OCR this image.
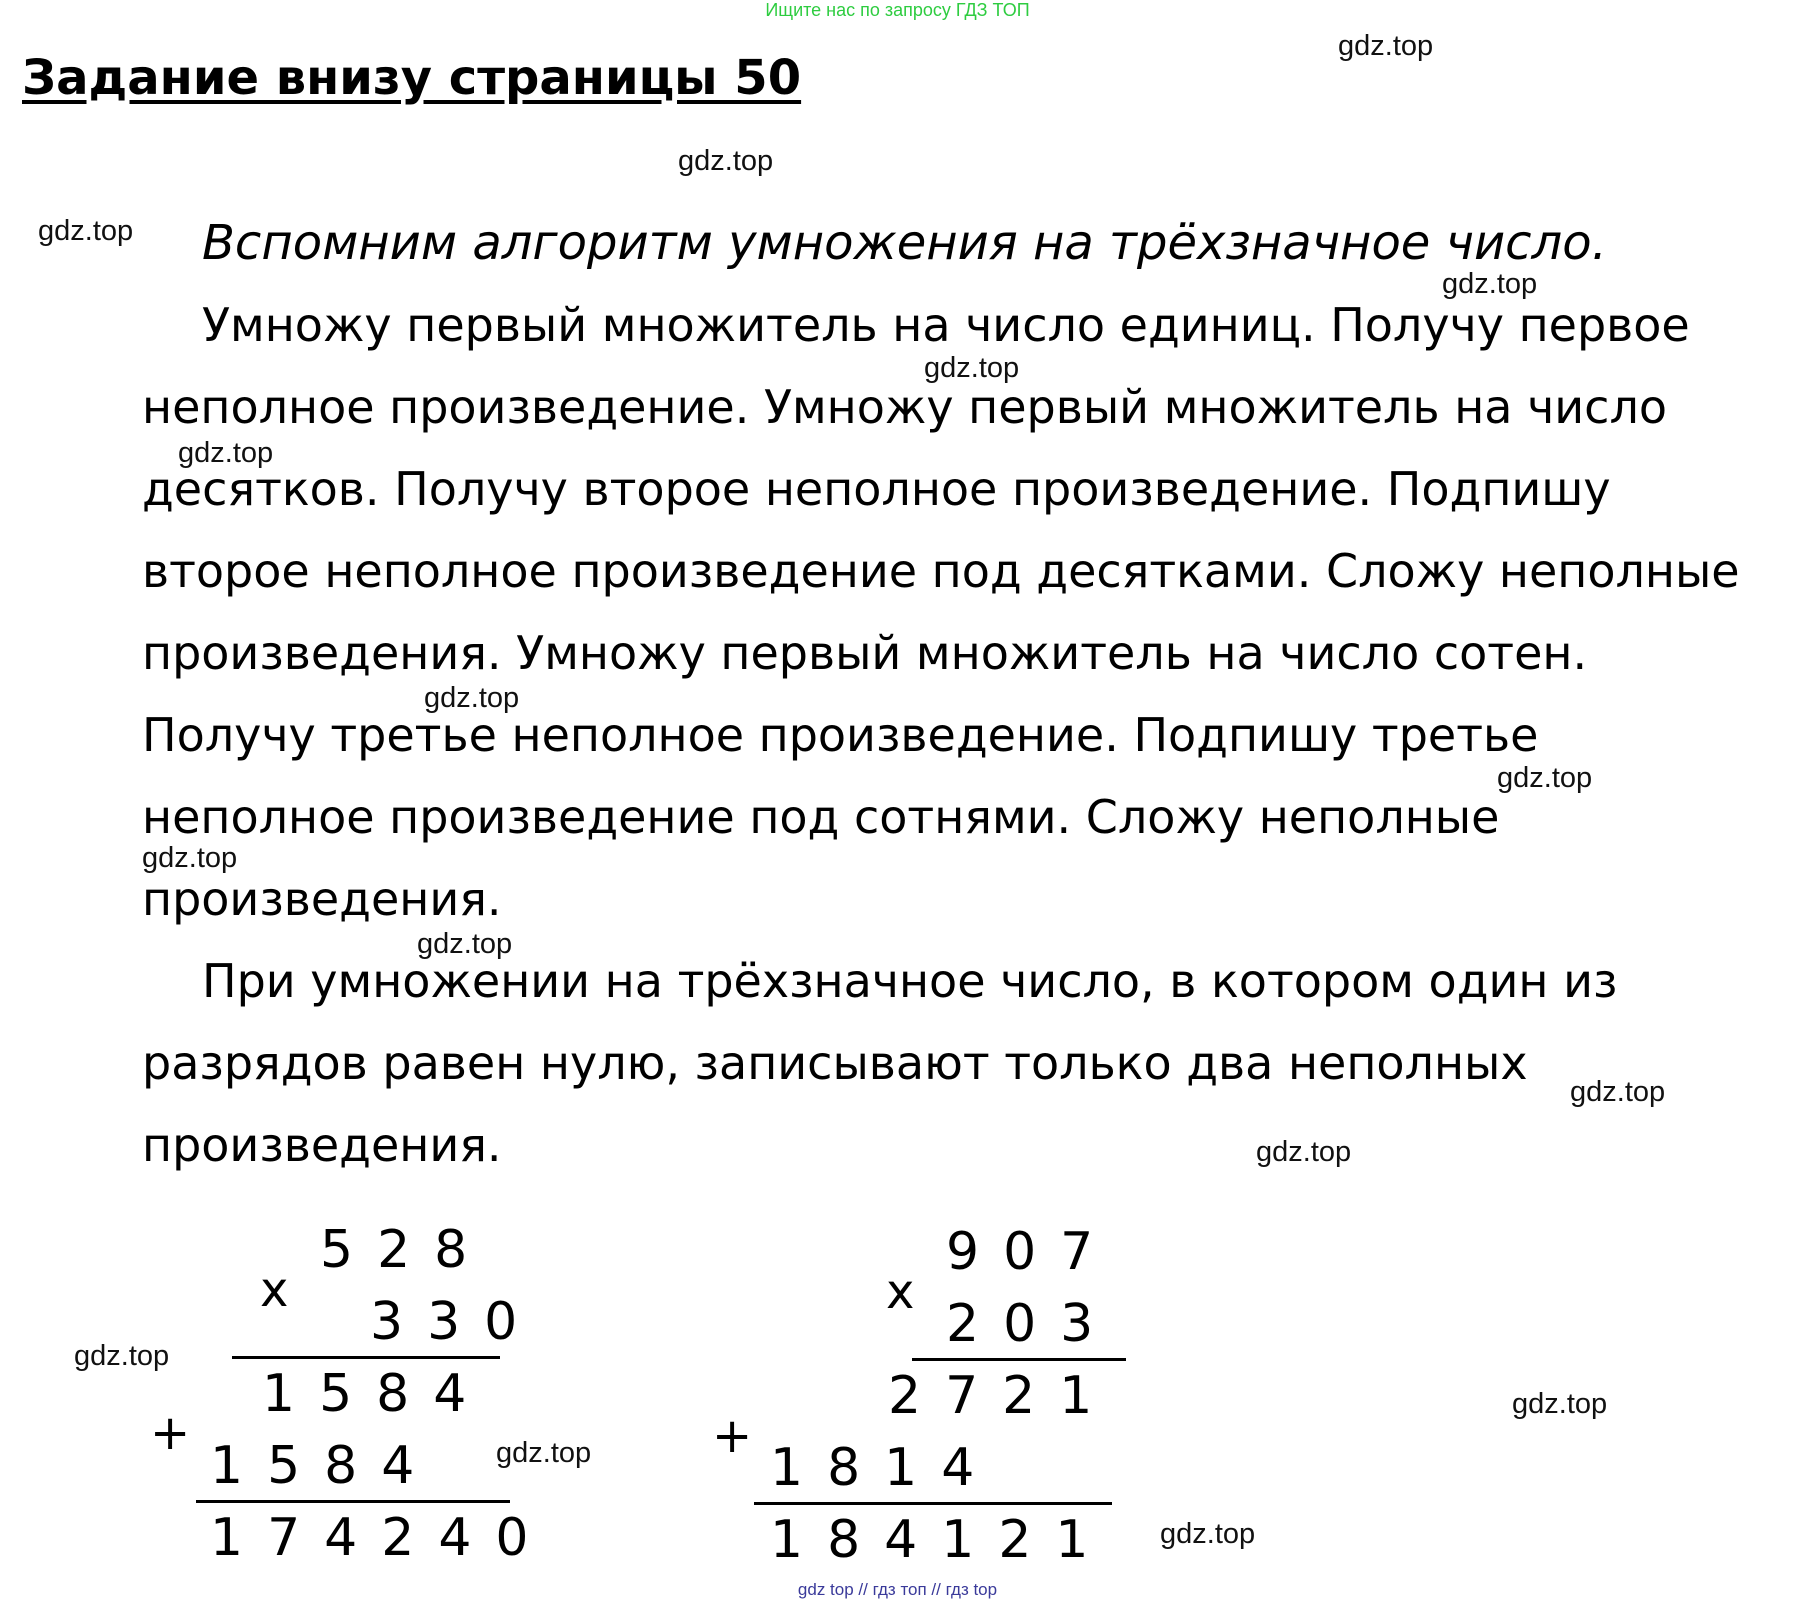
Ищите нас по запросу ГДЗ ТОП
Задание внизу страницы 50
gdz.top
gdz.top
gdz.top
gdz.top
gdz.top
gdz.top
gdz.top
gdz.top
gdz.top
gdz.top
gdz.top
gdz.top
gdz.top
gdz.top
gdz.top
gdz.top
Вспомним алгоритм умножения на трёхзначное число.
Умножу первый множитель на число единиц. Получу первое
неполное произведение. Умножу первый множитель на число
десятков. Получу второе неполное произведение. Подпишу
второе неполное произведение под десятками. Сложу неполные
произведения. Умножу первый множитель на число сотен.
Получу третье неполное произведение. Подпишу третье
неполное произведение под сотнями. Сложу неполные
произведения.
При умножении на трёхзначное число, в котором один из
разрядов равен нулю, записывают только два неполных
произведения.
x
528
330
1584
+
1584
174240
x
907
203
2721
+
1814
184121
gdz top // гдз топ // гдз top
